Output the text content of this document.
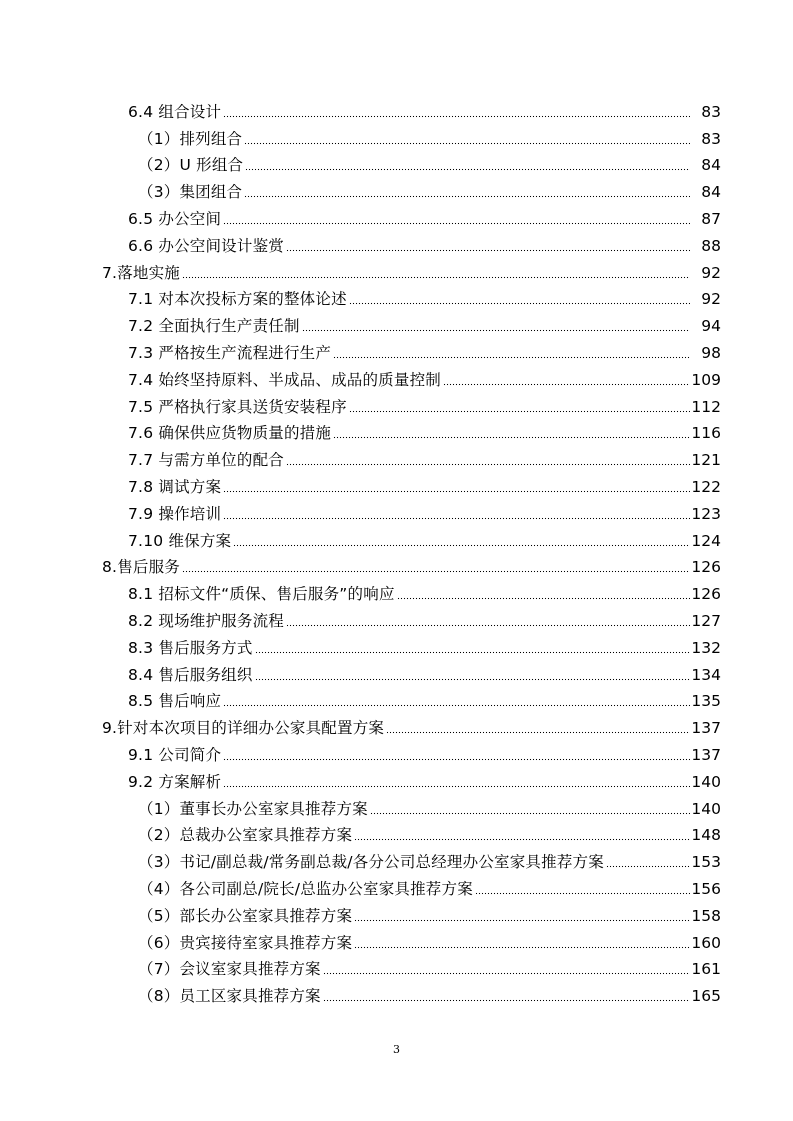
6.4 组合设计	83
（1）排列组合	83
（2）U 形组合	84
（3）集团组合	84
6.5 办公空间	87
6.6 办公空间设计鉴赏	88
7.落地实施	92
7.1 对本次投标方案的整体论述	92
7.2 全面执行生产责任制	94
7.3 严格按生产流程进行生产	98
7.4 始终坚持原料、半成品、成品的质量控制	109
7.5 严格执行家具送货安装程序	112
7.6 确保供应货物质量的措施	116
7.7 与需方单位的配合	121
7.8 调试方案	122
7.9 操作培训	123
7.10 维保方案	124
8.售后服务	126
8.1 招标文件“质保、售后服务”的响应	126
8.2 现场维护服务流程	127
8.3 售后服务方式	132
8.4 售后服务组织	134
8.5 售后响应	135
9.针对本次项目的详细办公家具配置方案	137
9.1 公司简介	137
9.2 方案解析	140
（1）董事长办公室家具推荐方案	140
（2）总裁办公室家具推荐方案	148
（3）书记/副总裁/常务副总裁/各分公司总经理办公室家具推荐方案	153
（4）各公司副总/院长/总监办公室家具推荐方案	156
（5）部长办公室家具推荐方案	158
（6）贵宾接待室家具推荐方案	160
（7）会议室家具推荐方案	161
（8）员工区家具推荐方案	165
3
